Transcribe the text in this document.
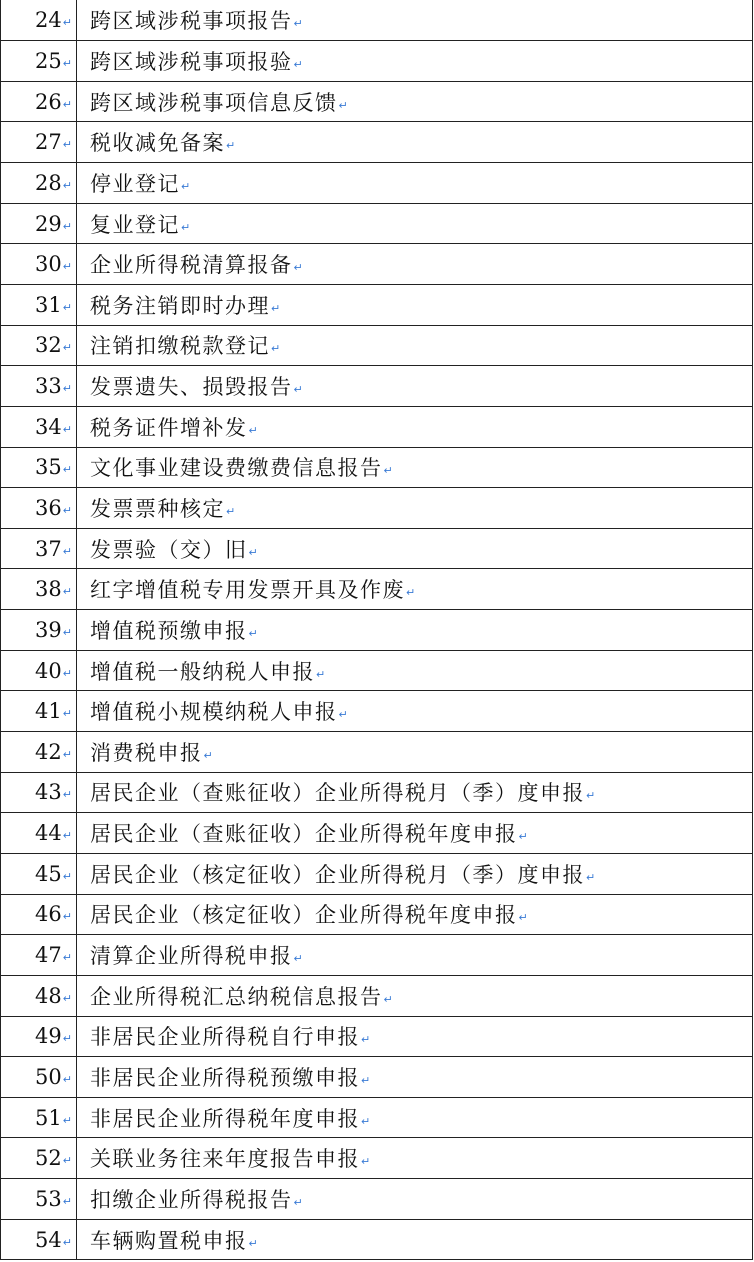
24↵	跨区域涉税事项报告↵
25↵	跨区域涉税事项报验↵
26↵	跨区域涉税事项信息反馈↵
27↵	税收减免备案↵
28↵	停业登记↵
29↵	复业登记↵
30↵	企业所得税清算报备↵
31↵	税务注销即时办理↵
32↵	注销扣缴税款登记↵
33↵	发票遗失、损毁报告↵
34↵	税务证件增补发↵
35↵	文化事业建设费缴费信息报告↵
36↵	发票票种核定↵
37↵	发票验（交）旧↵
38↵	红字增值税专用发票开具及作废↵
39↵	增值税预缴申报↵
40↵	增值税一般纳税人申报↵
41↵	增值税小规模纳税人申报↵
42↵	消费税申报↵
43↵	居民企业（查账征收）企业所得税月（季）度申报↵
44↵	居民企业（查账征收）企业所得税年度申报↵
45↵	居民企业（核定征收）企业所得税月（季）度申报↵
46↵	居民企业（核定征收）企业所得税年度申报↵
47↵	清算企业所得税申报↵
48↵	企业所得税汇总纳税信息报告↵
49↵	非居民企业所得税自行申报↵
50↵	非居民企业所得税预缴申报↵
51↵	非居民企业所得税年度申报↵
52↵	关联业务往来年度报告申报↵
53↵	扣缴企业所得税报告↵
54↵	车辆购置税申报↵
